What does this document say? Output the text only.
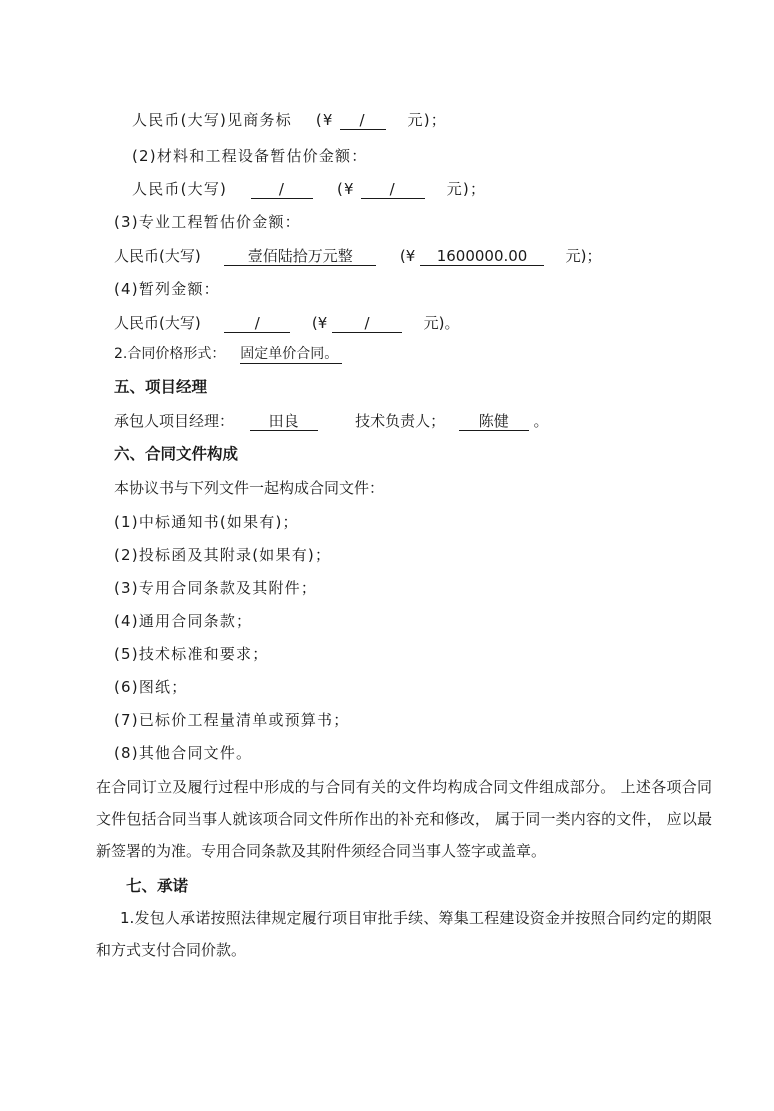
人民币(大写)见商务标 (¥ /	元)；
(2)材料和工程设备暂估价金额：
人民币(大写)	/	(¥ /	元)；
(3)专业工程暂估价金额：
人民币(大写)	壹佰陆拾万元整	(¥ 1600000.00	元)；
(4)暂列金额：
人民币(大写)	/	(¥ /	元)。
2.合同价格形式： 固定单价合同。
五、项目经理
承包人项目经理： 田良	技术负责人； 陈健 。
六、合同文件构成
本协议书与下列文件一起构成合同文件：
(1)中标通知书(如果有)；
(2)投标函及其附录(如果有)；
(3)专用合同条款及其附件；
(4)通用合同条款；
(5)技术标准和要求；
(6)图纸；
(7)已标价工程量清单或预算书；
(8)其他合同文件。
在合同订立及履行过程中形成的与合同有关的文件均构成合同文件组成部分。 上述各项合同文件包括合同当事人就该项合同文件所作出的补充和修改， 属于同一类内容的文件， 应以最新签署的为准。专用合同条款及其附件须经合同当事人签字或盖章。
七、承诺
1.发包人承诺按照法律规定履行项目审批手续、筹集工程建设资金并按照合同约定的期限和方式支付合同价款。
